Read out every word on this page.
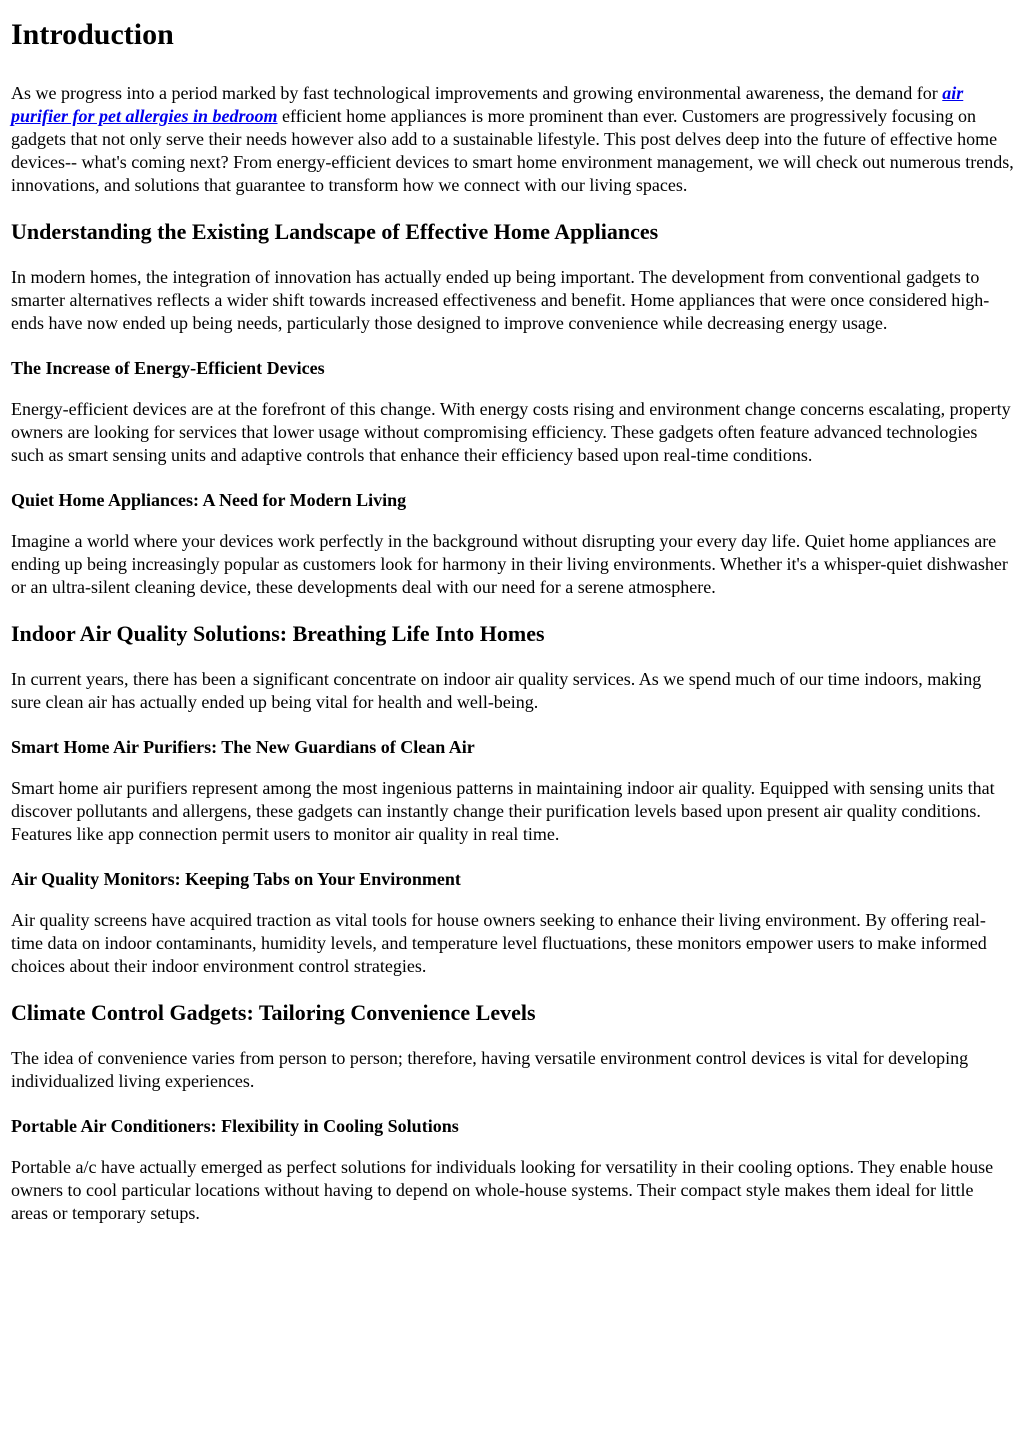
Introduction

As we progress into a period marked by fast technological improvements and growing environmental awareness, the demand for air purifier for pet allergies in bedroom efficient home appliances is more prominent than ever. Customers are progressively focusing on gadgets that not only serve their needs however also add to a sustainable lifestyle. This post delves deep into the future of effective home devices-- what's coming next? From energy-efficient devices to smart home environment management, we will check out numerous trends, innovations, and solutions that guarantee to transform how we connect with our living spaces.

Understanding the Existing Landscape of Effective Home Appliances

In modern homes, the integration of innovation has actually ended up being important. The development from conventional gadgets to smarter alternatives reflects a wider shift towards increased effectiveness and benefit. Home appliances that were once considered high-ends have now ended up being needs, particularly those designed to improve convenience while decreasing energy usage.

The Increase of Energy-Efficient Devices

Energy-efficient devices are at the forefront of this change. With energy costs rising and environment change concerns escalating, property owners are looking for services that lower usage without compromising efficiency. These gadgets often feature advanced technologies such as smart sensing units and adaptive controls that enhance their efficiency based upon real-time conditions.

Quiet Home Appliances: A Need for Modern Living

Imagine a world where your devices work perfectly in the background without disrupting your every day life. Quiet home appliances are ending up being increasingly popular as customers look for harmony in their living environments. Whether it's a whisper-quiet dishwasher or an ultra-silent cleaning device, these developments deal with our need for a serene atmosphere.

Indoor Air Quality Solutions: Breathing Life Into Homes

In current years, there has been a significant concentrate on indoor air quality services. As we spend much of our time indoors, making sure clean air has actually ended up being vital for health and well-being.

Smart Home Air Purifiers: The New Guardians of Clean Air

Smart home air purifiers represent among the most ingenious patterns in maintaining indoor air quality. Equipped with sensing units that discover pollutants and allergens, these gadgets can instantly change their purification levels based upon present air quality conditions. Features like app connection permit users to monitor air quality in real time.

Air Quality Monitors: Keeping Tabs on Your Environment

Air quality screens have acquired traction as vital tools for house owners seeking to enhance their living environment. By offering real-time data on indoor contaminants, humidity levels, and temperature level fluctuations, these monitors empower users to make informed choices about their indoor environment control strategies.

Climate Control Gadgets: Tailoring Convenience Levels

The idea of convenience varies from person to person; therefore, having versatile environment control devices is vital for developing individualized living experiences.

Portable Air Conditioners: Flexibility in Cooling Solutions

Portable a/c have actually emerged as perfect solutions for individuals looking for versatility in their cooling options. They enable house owners to cool particular locations without having to depend on whole-house systems. Their compact style makes them ideal for little areas or temporary setups.
